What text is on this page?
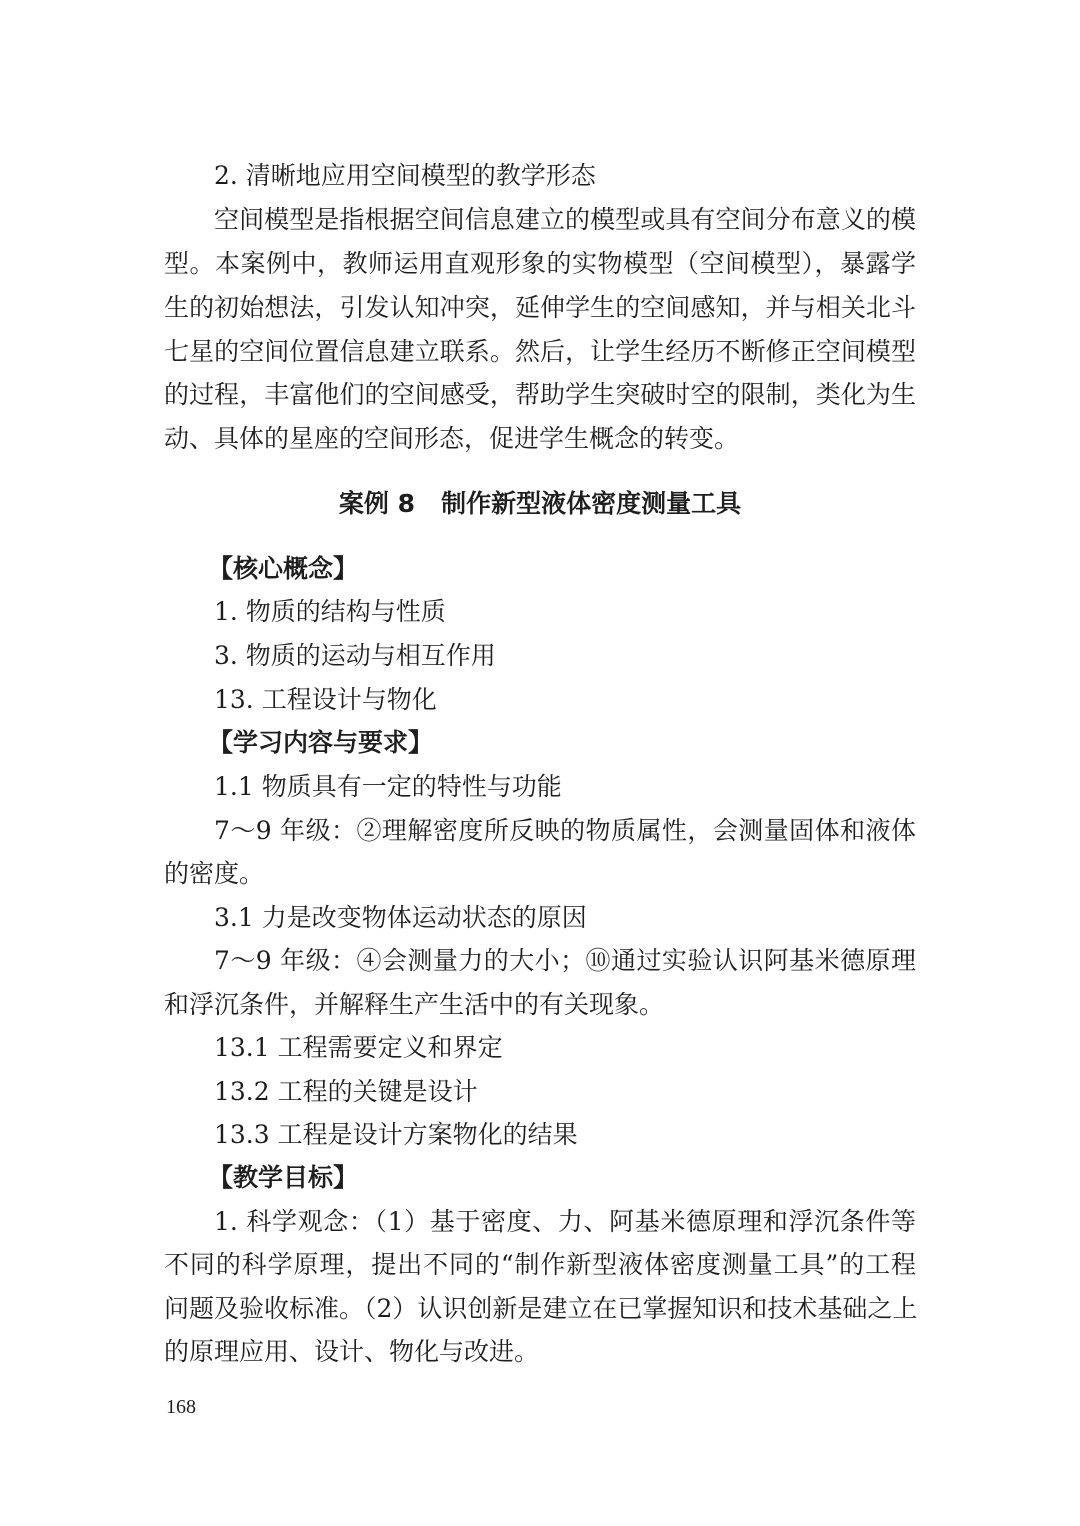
2. 清晰地应用空间模型的教学形态
空间模型是指根据空间信息建立的模型或具有空间分布意义的模
型。本案例中，教师运用直观形象的实物模型（空间模型），暴露学
生的初始想法，引发认知冲突，延伸学生的空间感知，并与相关北斗
七星的空间位置信息建立联系。然后，让学生经历不断修正空间模型
的过程，丰富他们的空间感受，帮助学生突破时空的限制，类化为生
动、具体的星座的空间形态，促进学生概念的转变。
案例 8   制作新型液体密度测量工具
【核心概念】
1. 物质的结构与性质
3. 物质的运动与相互作用
13. 工程设计与物化
【学习内容与要求】
1.1 物质具有一定的特性与功能
7～9 年级：②理解密度所反映的物质属性，会测量固体和液体
的密度。
3.1 力是改变物体运动状态的原因
7～9 年级：④会测量力的大小；⑩通过实验认识阿基米德原理
和浮沉条件，并解释生产生活中的有关现象。
13.1 工程需要定义和界定
13.2 工程的关键是设计
13.3 工程是设计方案物化的结果
【教学目标】
1. 科学观念：（1）基于密度、力、阿基米德原理和浮沉条件等
不同的科学原理，提出不同的“制作新型液体密度测量工具”的工程
问题及验收标准。（2）认识创新是建立在已掌握知识和技术基础之上
的原理应用、设计、物化与改进。
168
